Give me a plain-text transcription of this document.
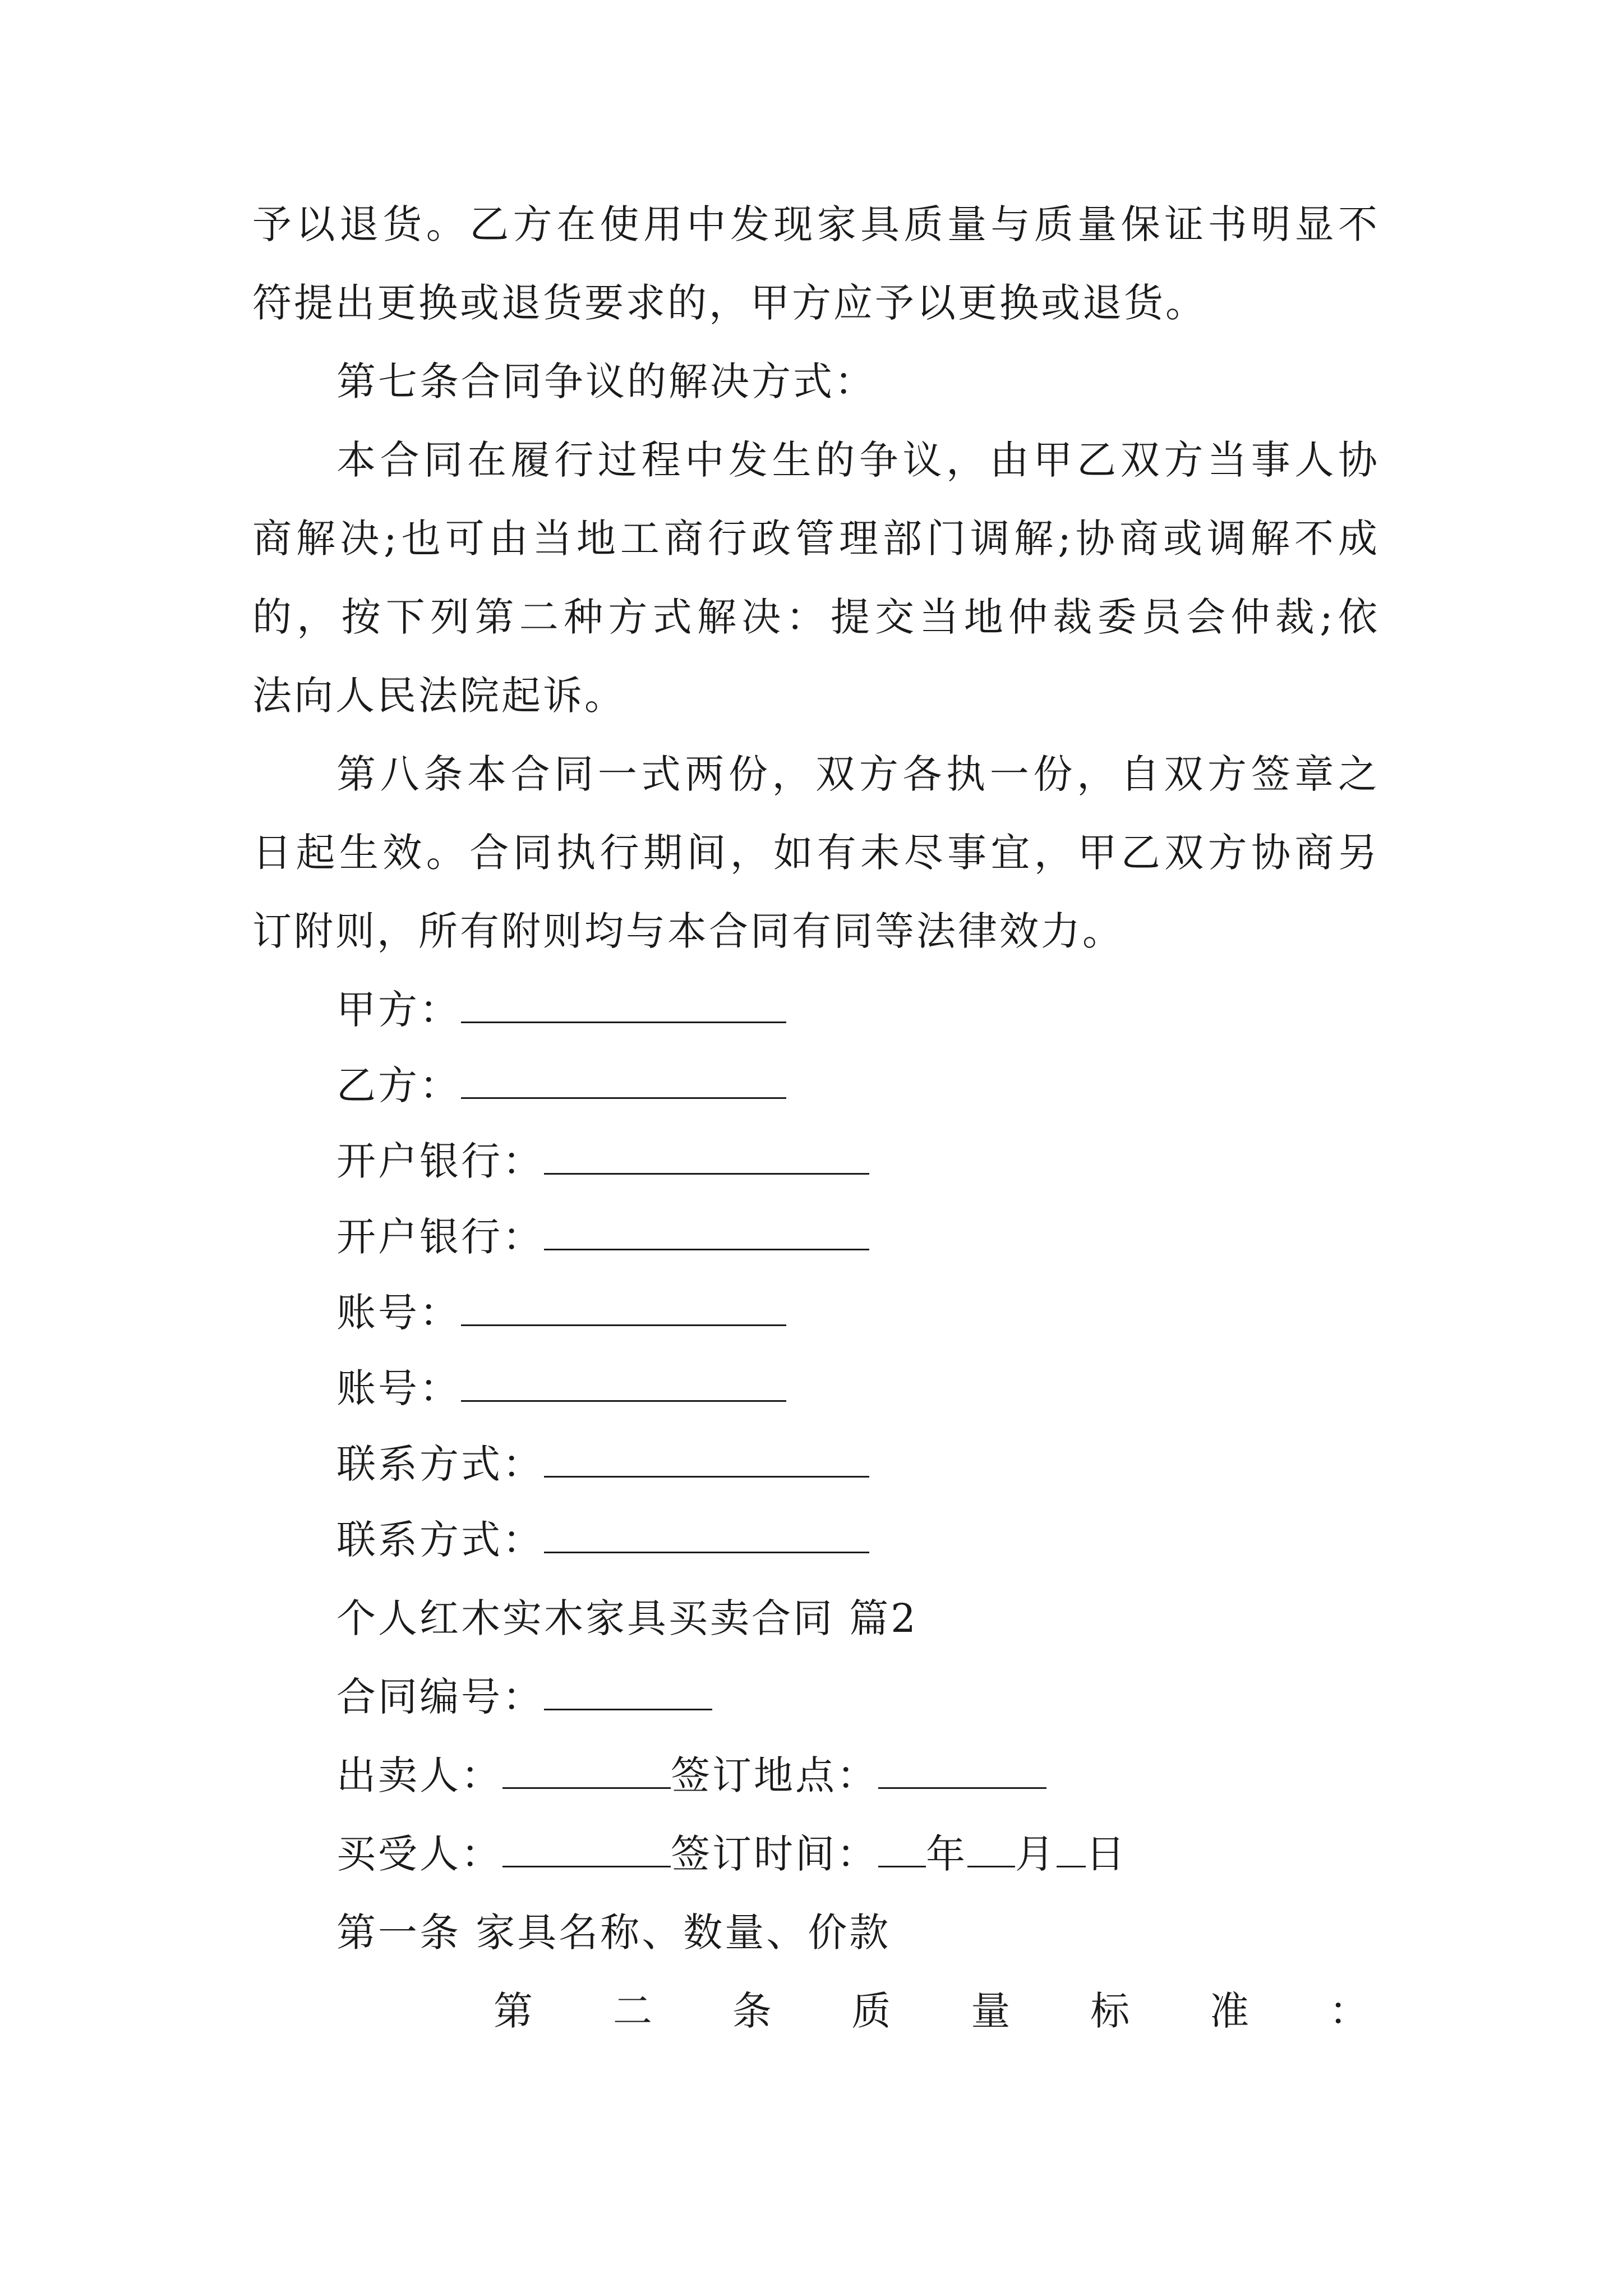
予以退货。乙方在使用中发现家具质量与质量保证书明显不
符提出更换或退货要求的，甲方应予以更换或退货。
第七条合同争议的解决方式：
本合同在履行过程中发生的争议，由甲乙双方当事人协
商解决;也可由当地工商行政管理部门调解;协商或调解不成
的，按下列第二种方式解决：提交当地仲裁委员会仲裁;依
法向人民法院起诉。
第八条本合同一式两份，双方各执一份，自双方签章之
日起生效。合同执行期间，如有未尽事宜，甲乙双方协商另
订附则，所有附则均与本合同有同等法律效力。
甲方：
乙方：
开户银行：
开户银行：
账号：
账号：
联系方式：
联系方式：
个人红木实木家具买卖合同 篇2
合同编号：
出卖人：	签订地点：
买受人：	签订时间： 年 月 日
第一条 家具名称、数量、价款
第 二 条 质 量 标 准 ：
